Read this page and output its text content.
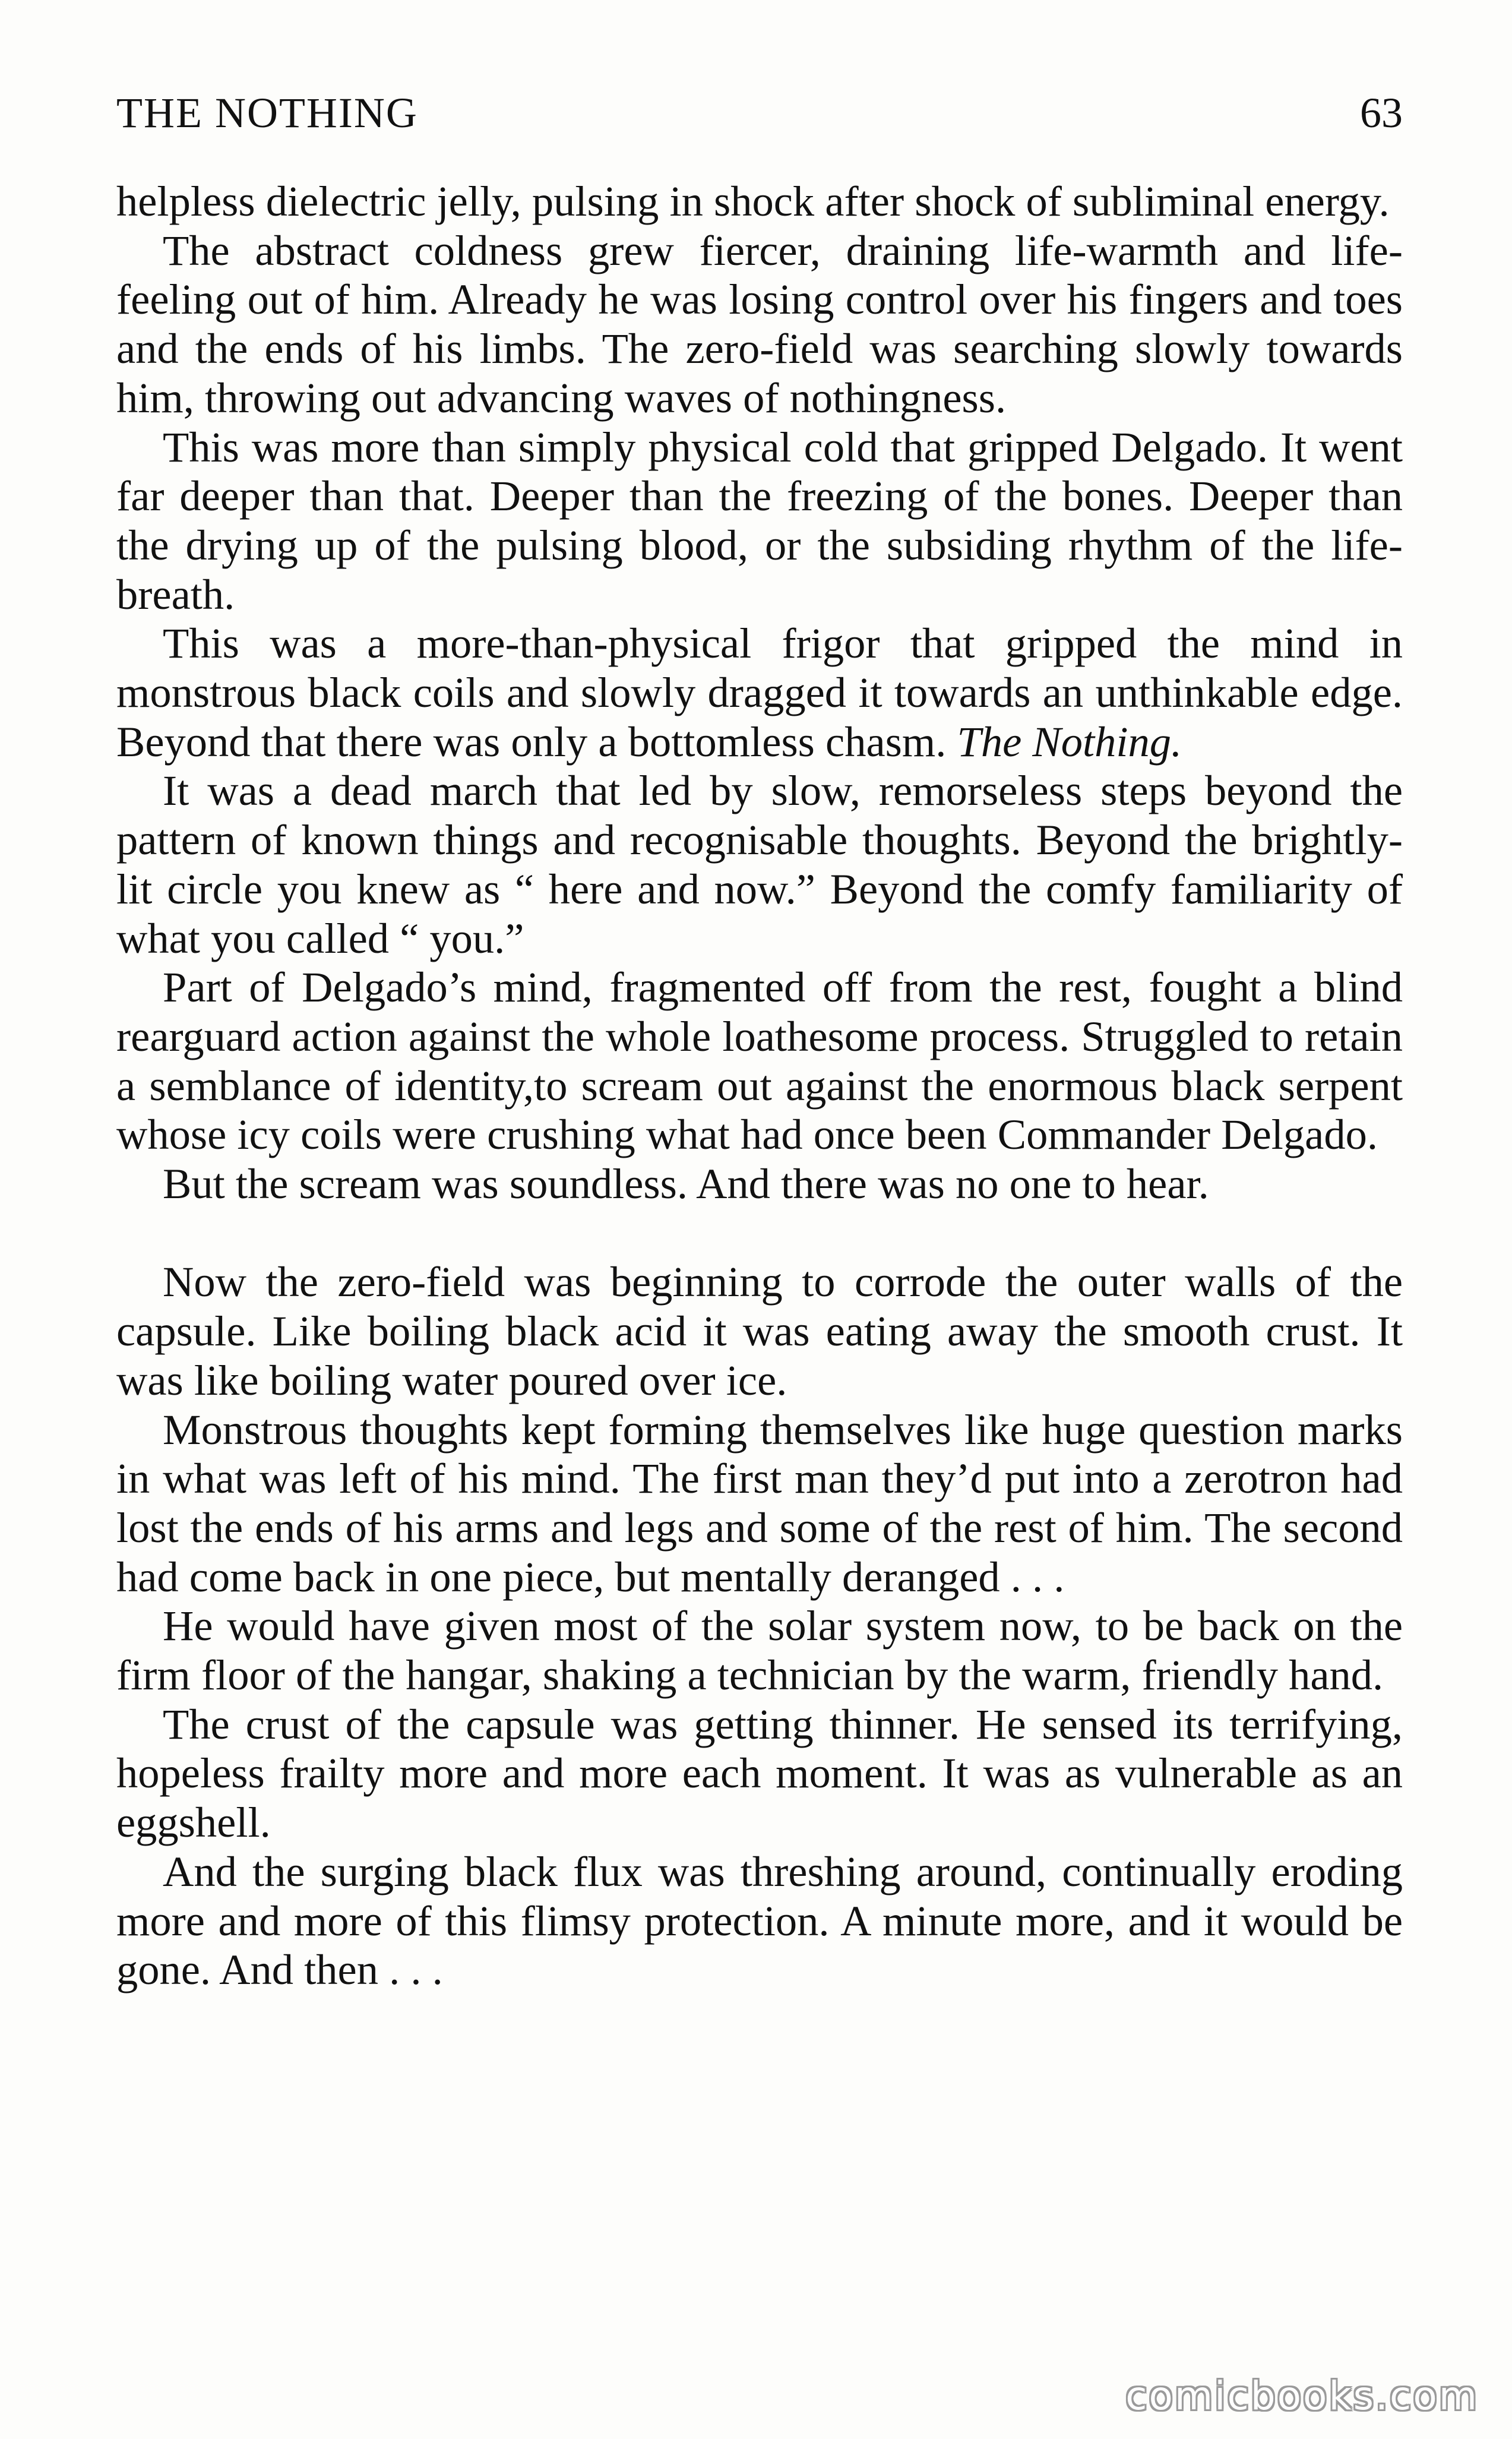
THE NOTHING	63

helpless dielectric jelly, pulsing in shock after shock of subliminal energy.

The abstract coldness grew fiercer, draining life-warmth and life-feeling out of him. Already he was losing control over his fingers and toes and the ends of his limbs. The zero-field was searching slowly towards him, throwing out advancing waves of nothingness.

This was more than simply physical cold that gripped Delgado. It went far deeper than that. Deeper than the freezing of the bones. Deeper than the drying up of the pulsing blood, or the subsiding rhythm of the life-breath.

This was a more-than-physical frigor that gripped the mind in monstrous black coils and slowly dragged it towards an unthinkable edge. Beyond that there was only a bottomless chasm. The Nothing.

It was a dead march that led by slow, remorseless steps beyond the pattern of known things and recognisable thoughts. Beyond the brightly-lit circle you knew as “ here and now.” Beyond the comfy familiarity of what you called “ you.”

Part of Delgado’s mind, fragmented off from the rest, fought a blind rearguard action against the whole loathesome process. Struggled to retain a semblance of identity,to scream out against the enormous black serpent whose icy coils were crushing what had once been Commander Delgado.

But the scream was soundless. And there was no one to hear.

Now the zero-field was beginning to corrode the outer walls of the capsule. Like boiling black acid it was eating away the smooth crust. It was like boiling water poured over ice.

Monstrous thoughts kept forming themselves like huge question marks in what was left of his mind. The first man they’d put into a zerotron had lost the ends of his arms and legs and some of the rest of him. The second had come back in one piece, but mentally deranged . . .

He would have given most of the solar system now, to be back on the firm floor of the hangar, shaking a technician by the warm, friendly hand.

The crust of the capsule was getting thinner. He sensed its terrifying, hopeless frailty more and more each moment. It was as vulnerable as an eggshell.

And the surging black flux was threshing around, continually eroding more and more of this flimsy protection. A minute more, and it would be gone. And then . . .

comicbooks.com
